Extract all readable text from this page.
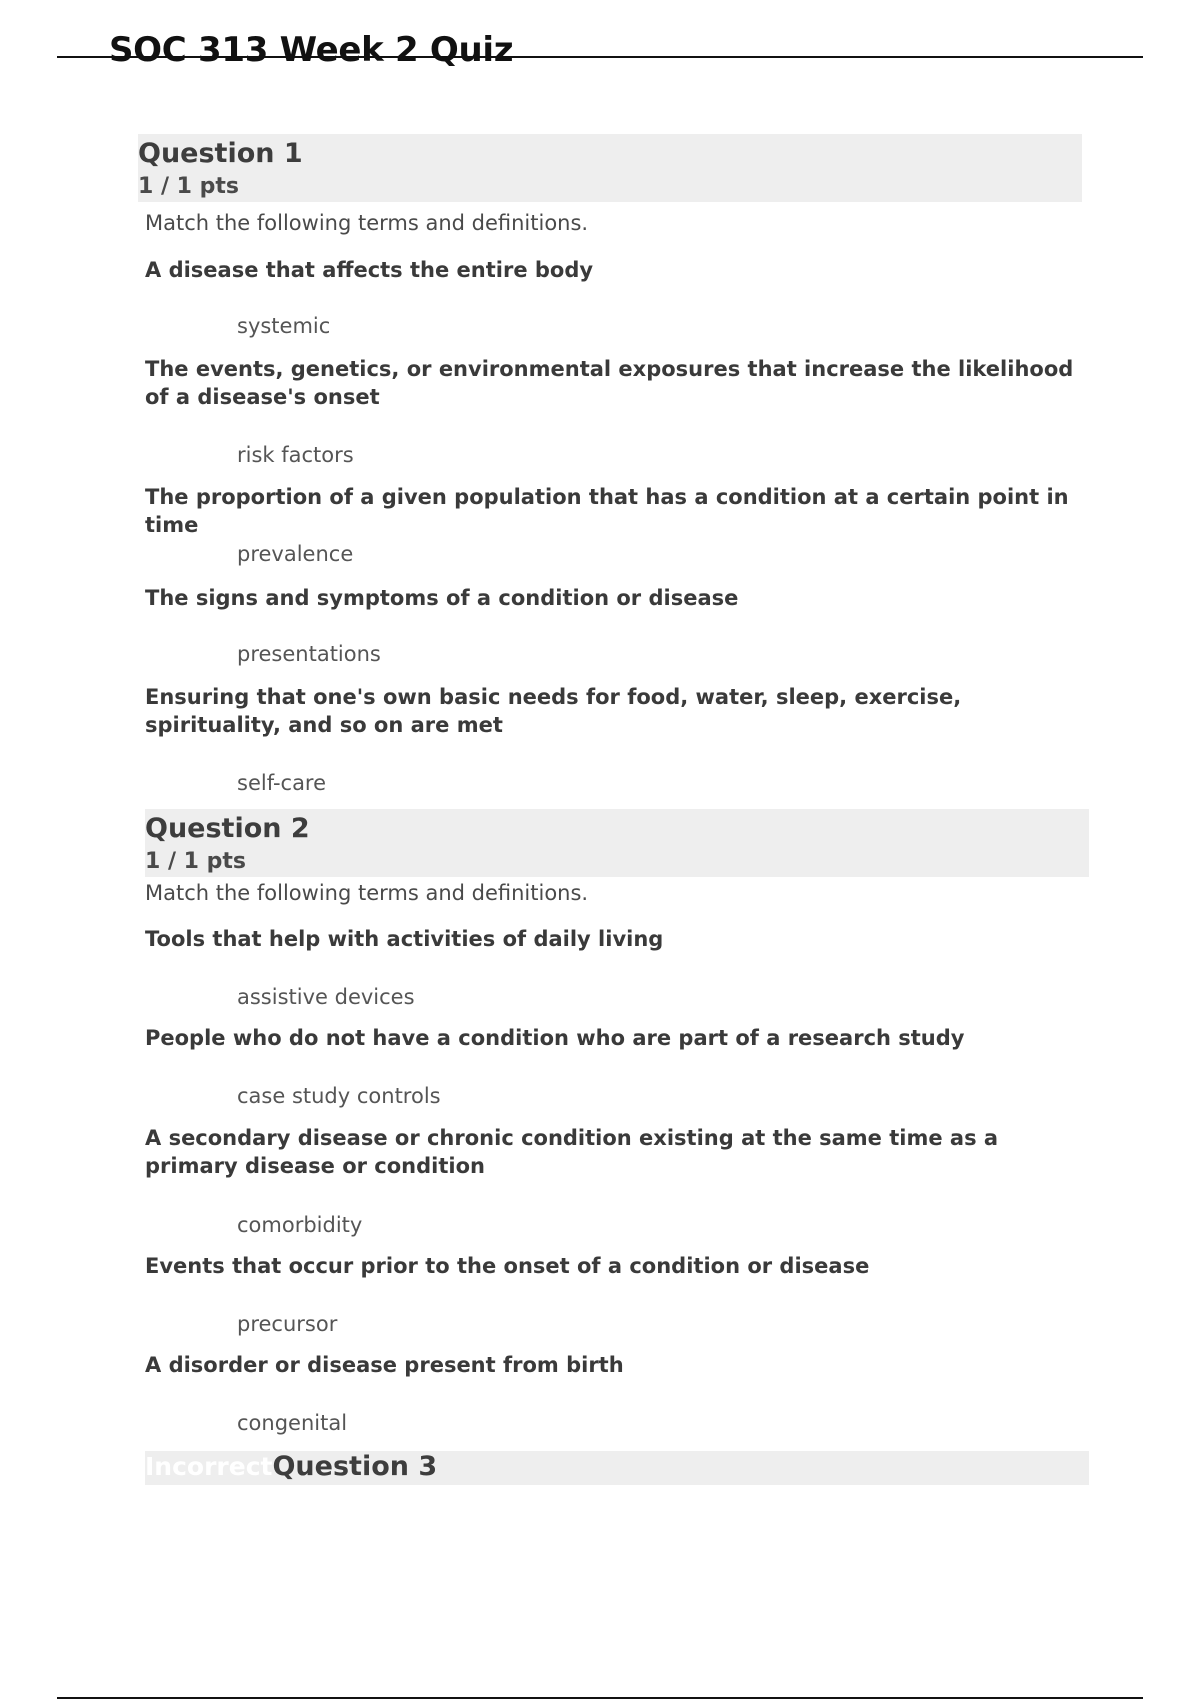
SOC 313 Week 2 Quiz
Question 1
1 / 1 pts
Match the following terms and definitions.
A disease that affects the entire body
systemic
The events, genetics, or environmental exposures that increase the likelihood of a disease's onset
risk factors
The proportion of a given population that has a condition at a certain point in time
prevalence
The signs and symptoms of a condition or disease
presentations
Ensuring that one's own basic needs for food, water, sleep, exercise, spirituality, and so on are met
self-care
Question 2
1 / 1 pts
Match the following terms and definitions.
Tools that help with activities of daily living
assistive devices
People who do not have a condition who are part of a research study
case study controls
A secondary disease or chronic condition existing at the same time as a primary disease or condition
comorbidity
Events that occur prior to the onset of a condition or disease
precursor
A disorder or disease present from birth
congenital
IncorrectQuestion 3
